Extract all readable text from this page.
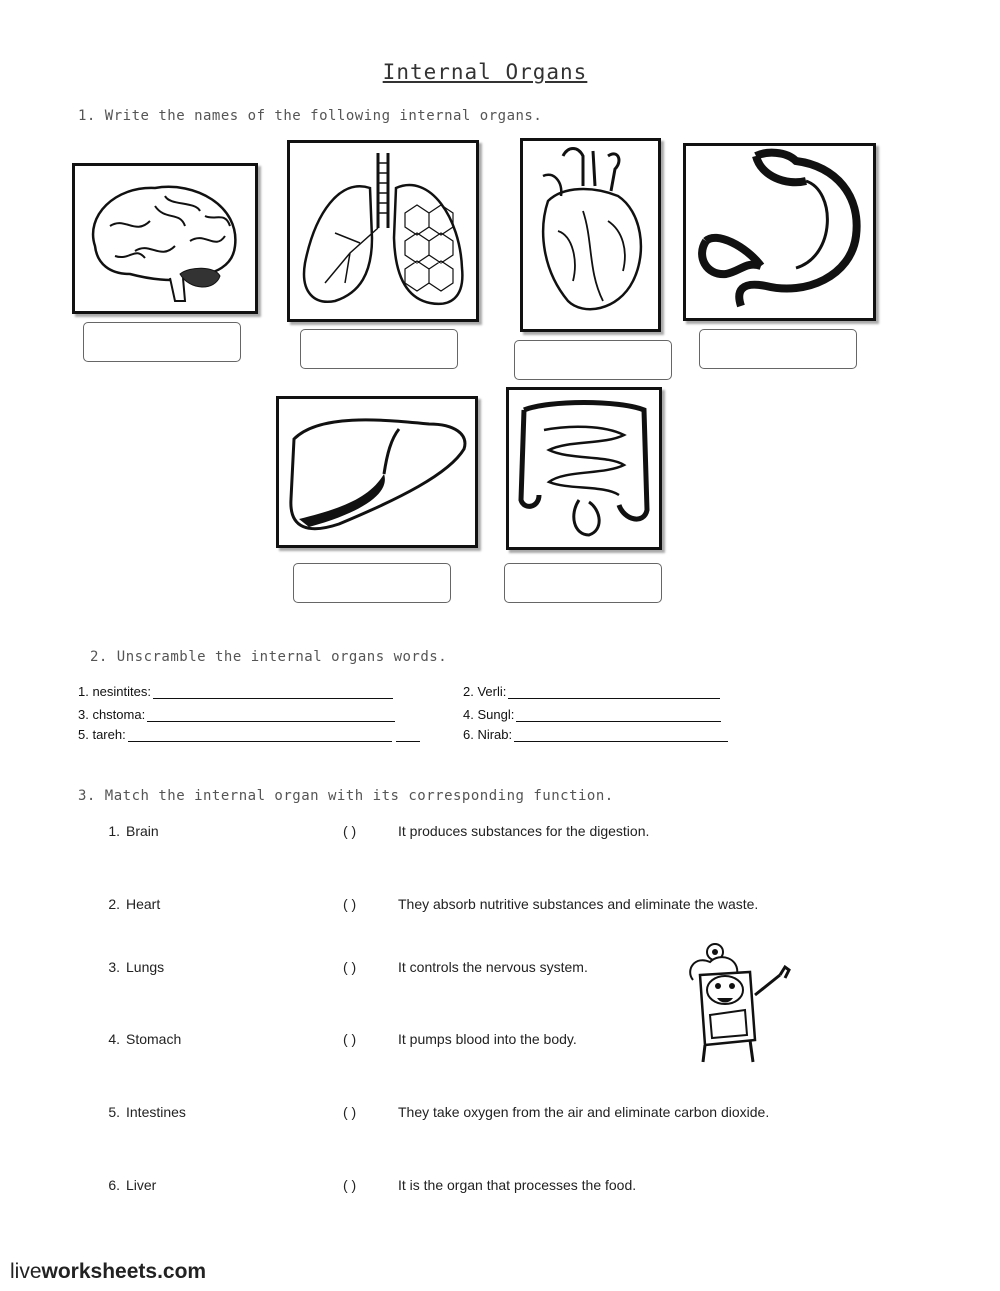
Internal Organs
1. Write the names of the following internal organs.
2. Unscramble the internal organs words.
1. nesintites:	2. Verli:
3. chstoma:	4. Sungl:
5. tareh:	6. Nirab:
3. Match the internal organ with its corresponding function.
1. Brain	( )	It produces substances for the digestion.
2. Heart	( )	They absorb nutritive substances and eliminate the waste.
3. Lungs	( )	It controls the nervous system.
4. Stomach	( )	It pumps blood into the body.
5. Intestines	( )	They take oxygen from the air and eliminate carbon dioxide.
6. Liver	( )	It is the organ that processes the food.
liveworksheets.com
